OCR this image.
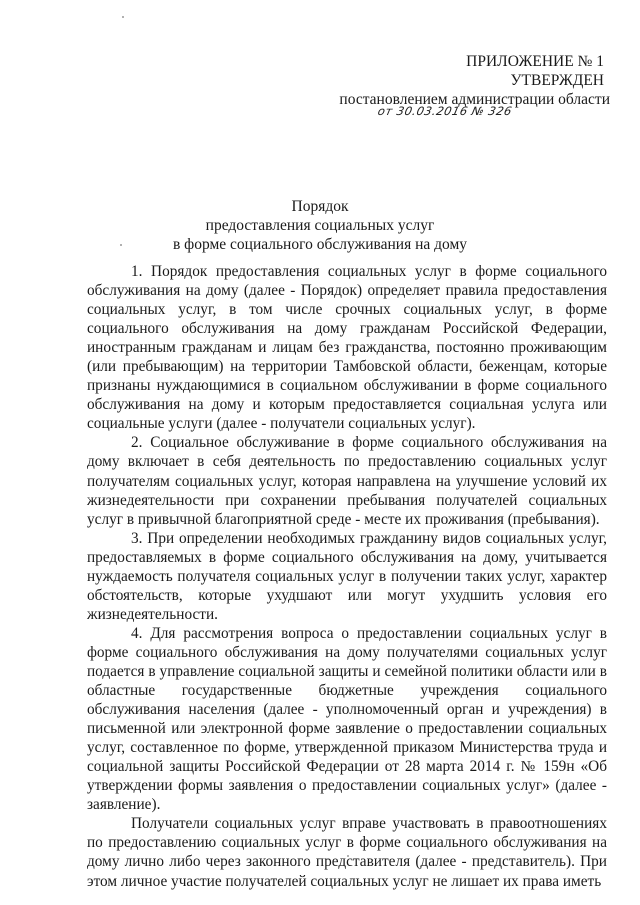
ПРИЛОЖЕНИЕ № 1
УТВЕРЖДЕН
постановлением администрации области
от 30.03.2016 № 326
Порядок
предоставления социальных услуг
в форме социального обслуживания на дому

1. Порядок предоставления социальных услуг в форме социального обслуживания на дому (далее - Порядок) определяет правила предоставления социальных услуг, в том числе срочных социальных услуг, в форме социального обслуживания на дому гражданам Российской Федерации, иностранным гражданам и лицам без гражданства, постоянно проживающим (или пребывающим) на территории Тамбовской области, беженцам, которые признаны нуждающимися в социальном обслуживании в форме социального обслуживания на дому и которым предоставляется социальная услуга или социальные услуги (далее - получатели социальных услуг).

2. Социальное обслуживание в форме социального обслуживания на дому включает в себя деятельность по предоставлению социальных услуг получателям социальных услуг, которая направлена на улучшение условий их жизнедеятельности при сохранении пребывания получателей социальных услуг в привычной благоприятной среде - месте их проживания (пребывания).

3. При определении необходимых гражданину видов социальных услуг, предоставляемых в форме социального обслуживания на дому, учитывается нуждаемость получателя социальных услуг в получении таких услуг, характер обстоятельств, которые ухудшают или могут ухудшить условия его жизнедеятельности.

4. Для рассмотрения вопроса о предоставлении социальных услуг в форме социального обслуживания на дому получателями социальных услуг подается в управление социальной защиты и семейной политики области или в областные государственные бюджетные учреждения социального обслуживания населения (далее - уполномоченный орган и учреждения) в письменной или электронной форме заявление о предоставлении социальных услуг, составленное по форме, утвержденной приказом Министерства труда и социальной защиты Российской Федерации от 28 марта 2014 г. № 159н «Об утверждении формы заявления о предоставлении социальных услуг» (далее - заявление).

Получатели социальных услуг вправе участвовать в правоотношениях по предоставлению социальных услуг в форме социального обслуживания на дому лично либо через законного представителя (далее - представитель). При этом личное участие получателей социальных услуг не лишает их права иметь
